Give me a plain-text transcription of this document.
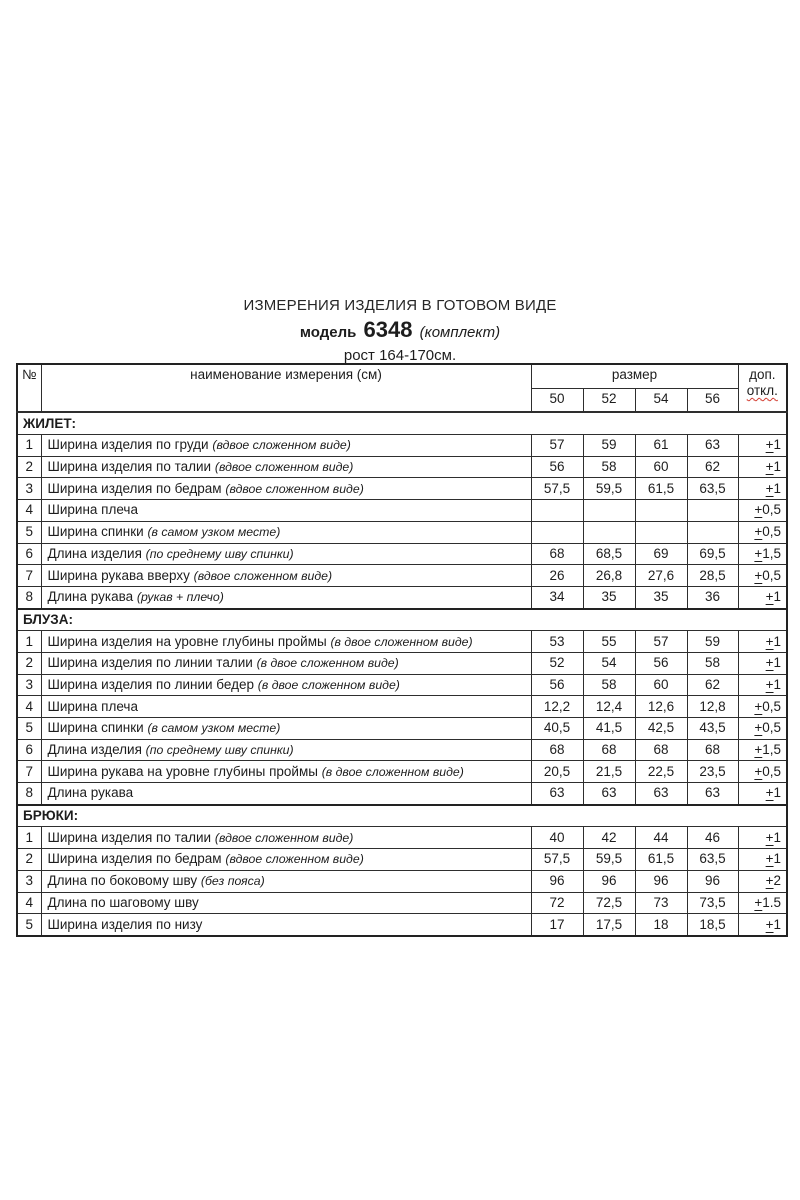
ИЗМЕРЕНИЯ ИЗДЕЛИЯ В ГОТОВОМ ВИДЕ
модель 6348 (комплект)
рост 164-170см.
№	наименование измерения (см)	размер				доп.
откл.
		50	52	54	56	
ЖИЛЕТ:						
1	Ширина изделия по груди (вдвое сложенном виде)	57	59	61	63	+1
2	Ширина изделия по талии (вдвое сложенном виде)	56	58	60	62	+1
3	Ширина изделия по бедрам (вдвое сложенном виде)	57,5	59,5	61,5	63,5	+1
4	Ширина плеча					+0,5
5	Ширина спинки (в самом узком месте)					+0,5
6	Длина изделия (по среднему шву спинки)	68	68,5	69	69,5	+1,5
7	Ширина рукава вверху (вдвое сложенном виде)	26	26,8	27,6	28,5	+0,5
8	Длина рукава (рукав + плечо)	34	35	35	36	+1
БЛУЗА:						
1	Ширина изделия на уровне глубины проймы (в двое сложенном виде)	53	55	57	59	+1
2	Ширина изделия по линии талии (в двое сложенном виде)	52	54	56	58	+1
3	Ширина изделия по линии бедер (в двое сложенном виде)	56	58	60	62	+1
4	Ширина плеча	12,2	12,4	12,6	12,8	+0,5
5	Ширина спинки (в самом узком месте)	40,5	41,5	42,5	43,5	+0,5
6	Длина изделия (по среднему шву спинки)	68	68	68	68	+1,5
7	Ширина рукава на уровне глубины проймы (в двое сложенном виде)	20,5	21,5	22,5	23,5	+0,5
8	Длина рукава	63	63	63	63	+1
БРЮКИ:						
1	Ширина изделия по талии (вдвое сложенном виде)	40	42	44	46	+1
2	Ширина изделия по бедрам (вдвое сложенном виде)	57,5	59,5	61,5	63,5	+1
3	Длина по боковому шву (без пояса)	96	96	96	96	+2
4	Длина по шаговому шву	72	72,5	73	73,5	+1.5
5	Ширина изделия по низу	17	17,5	18	18,5	+1
